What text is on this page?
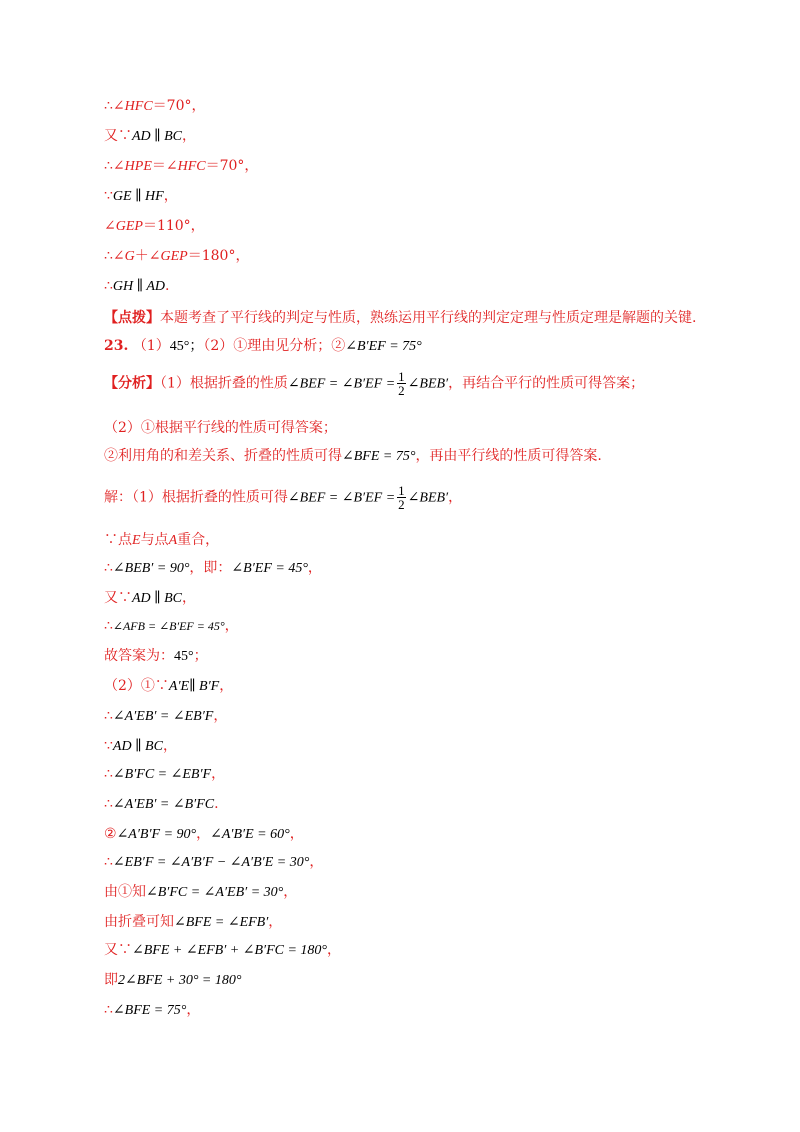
∴∠HFC＝70°，
又∵AD ∥ BC，
∴∠HPE＝∠HFC＝70°，
∵GE ∥ HF，
∠GEP＝110°，
∴∠G＋∠GEP＝180°，
∴GH ∥ AD.
【点拨】本题考查了平行线的判定与性质，熟练运用平行线的判定定理与性质定理是解题的关键.
23. （1）45°；（2）①理由见分析；②∠B′EF = 75°
【分析】（1）根据折叠的性质∠BEF = ∠B′EF = $\frac{1}{2}$ ∠BEB′，再结合平行的性质可得答案；
（2）①根据平行线的性质可得答案；
②利用角的和差关系、折叠的性质可得∠BFE = 75°，再由平行线的性质可得答案.
解：（1）根据折叠的性质可得∠BEF = ∠B′EF = $\frac{1}{2}$ ∠BEB′，
∵点E与点A重合，
∴∠BEB′ = 90°，即：∠B′EF = 45°，
又∵AD ∥ BC，
∴∠AFB = ∠B′EF = 45°，
故答案为：45°；
（2）①∵A′E∥ B′F，
∴∠A′EB′ = ∠EB′F，
∵AD ∥ BC，
∴∠B′FC = ∠EB′F，
∴∠A′EB′ = ∠B′FC.
②∠A′B′F = 90°，∠A′B′E = 60°，
∴∠EB′F = ∠A′B′F − ∠A′B′E = 30°，
由①知∠B′FC = ∠A′EB′ = 30°，
由折叠可知∠BFE = ∠EFB′，
又∵∠BFE + ∠EFB′ + ∠B′FC = 180°，
即2∠BFE + 30° = 180°
∴∠BFE = 75°，
